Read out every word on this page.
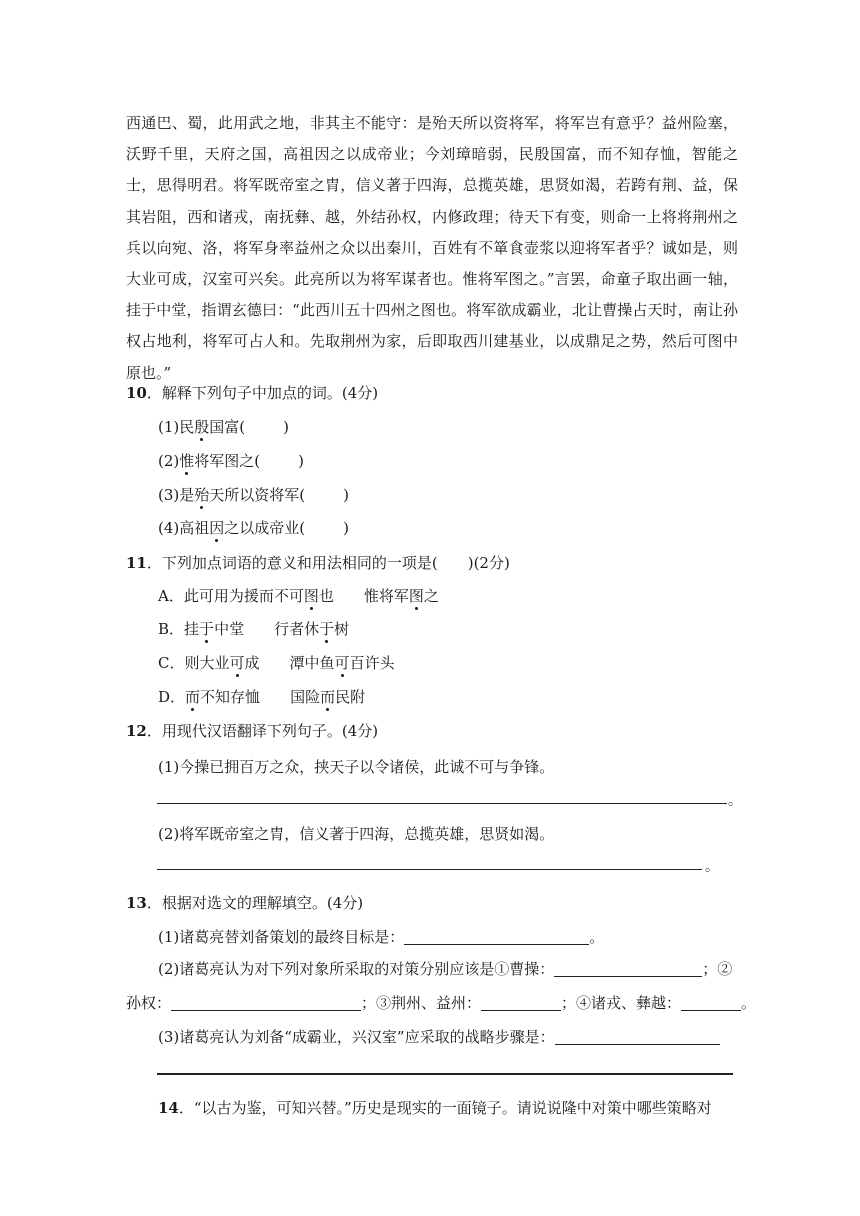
西通巴、蜀，此用武之地，非其主不能守：是殆天所以资将军，将军岂有意乎？益州险塞，沃野千里，天府之国，高祖因之以成帝业；今刘璋暗弱，民殷国富，而不知存恤，智能之士，思得明君。将军既帝室之胄，信义著于四海，总揽英雄，思贤如渴，若跨有荆、益，保其岩阻，西和诸戎，南抚彝、越，外结孙权，内修政理；待天下有变，则命一上将将荆州之兵以向宛、洛，将军身率益州之众以出秦川，百姓有不箪食壶浆以迎将军者乎？诚如是，则大业可成，汉室可兴矣。此亮所以为将军谋者也。惟将军图之。”言罢，命童子取出画一轴，挂于中堂，指谓玄德曰：“此西川五十四州之图也。将军欲成霸业，北让曹操占天时，南让孙权占地利，将军可占人和。先取荆州为家，后即取西川建基业，以成鼎足之势，然后可图中原也。”

10．解释下列句子中加点的词。(4分)
(1)民殷国富(	)
(2)惟将军图之(	)
(3)是殆天所以资将军(	)
(4)高祖因之以成帝业(	)
11．下列加点词语的意义和用法相同的一项是(　　)(2分)
A．此可用为援而不可图也 惟将军图之
B．挂于中堂 行者休于树
C．则大业可成 潭中鱼可百许头
D．而不知存恤 国险而民附
12．用现代汉语翻译下列句子。(4分)
(1)今操已拥百万之众，挟天子以令诸侯，此诚不可与争锋。
。
(2)将军既帝室之胄，信义著于四海，总揽英雄，思贤如渴。
。
13．根据对选文的理解填空。(4分)
(1)诸葛亮替刘备策划的最终目标是：	。
(2)诸葛亮认为对下列对象所采取的对策分别应该是①曹操：	；②
孙权：	；③荆州、益州：	；④诸戎、彝越：	。
(3)诸葛亮认为刘备“成霸业，兴汉室”应采取的战略步骤是：
14．“以古为鉴，可知兴替。”历史是现实的一面镜子。请说说隆中对策中哪些策略对
